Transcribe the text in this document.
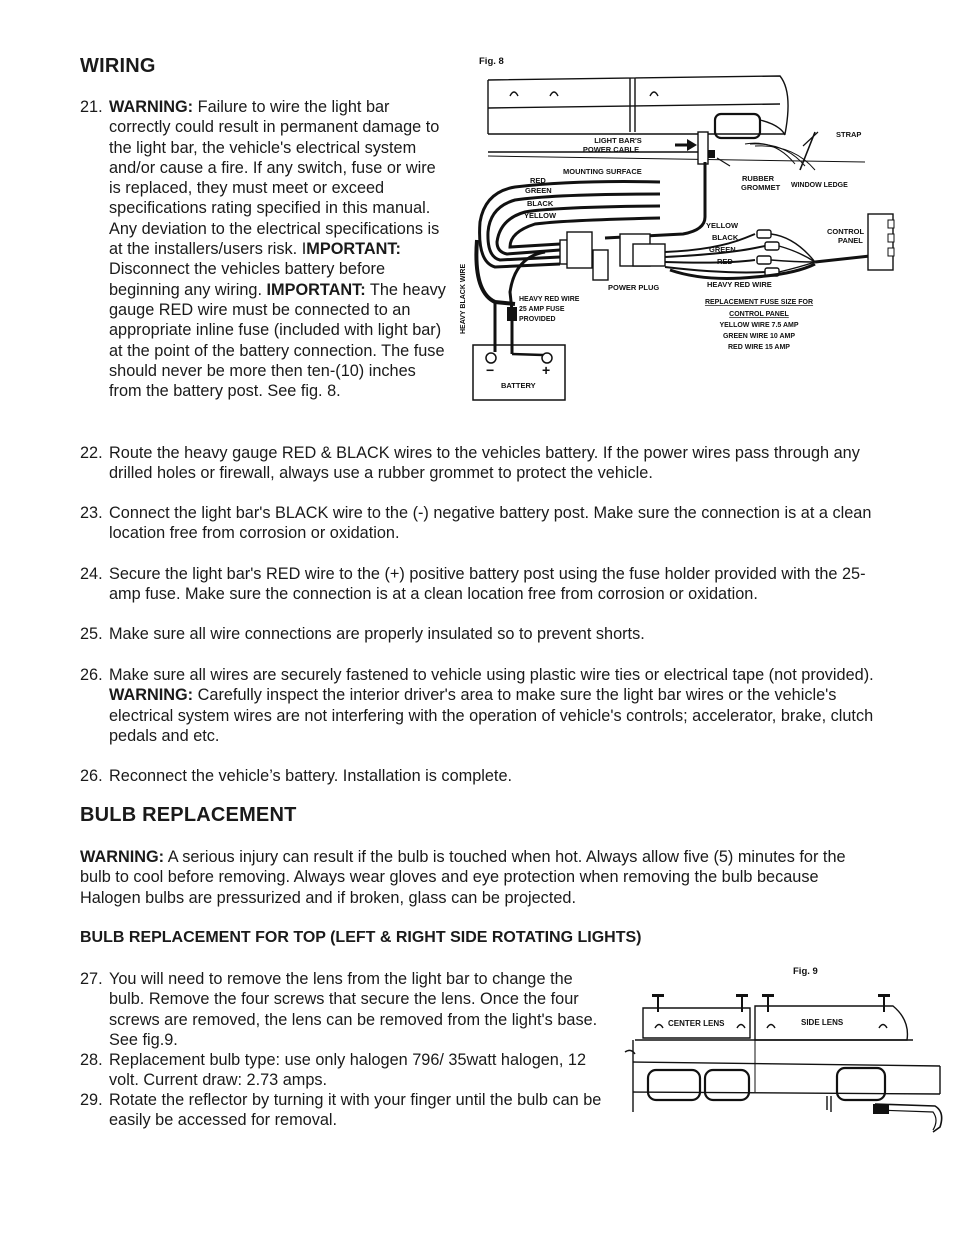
WIRING
21. WARNING: Failure to wire the light bar correctly could result in permanent damage to the light bar, the vehicle's electrical system and/or cause a fire. If any switch, fuse or wire is replaced, they must meet or exceed specifications rating specified in this manual. Any deviation to the electrical specifications is at the installers/users risk. IMPORTANT: Disconnect the vehicles battery before beginning any wiring. IMPORTANT: The heavy gauge RED wire must be connected to an appropriate inline fuse (included with light bar) at the point of the battery connection. The fuse should never be more then ten-(10) inches from the battery post. See fig. 8.
Fig. 8
LIGHT BAR'S
POWER CABLE
STRAP
MOUNTING SURFACE
RUBBER
GROMMET WINDOW LEDGE
RED
GREEN
BLACK
YELLOW
YELLOW
BLACK
GREEN
RED
CONTROL
PANEL
HEAVY BLACK WIRE	HEAVY RED WIRE
25 AMP FUSE
PROVIDED
POWER PLUG	HEAVY RED WIRE
REPLACEMENT FUSE SIZE FOR
CONTROL PANEL
YELLOW WIRE 7.5 AMP
GREEN WIRE 10 AMP
RED WIRE 15 AMP
−	+
BATTERY
22. Route the heavy gauge RED & BLACK wires to the vehicles battery. If the power wires pass through any drilled holes or firewall, always use a rubber grommet to protect the vehicle.
23. Connect the light bar's BLACK wire to the (-) negative battery post. Make sure the connection is at a clean location free from corrosion or oxidation.
24. Secure the light bar's RED wire to the (+) positive battery post using the fuse holder provided with the 25-amp fuse. Make sure the connection is at a clean location free from corrosion or oxidation.
25. Make sure all wire connections are properly insulated so to prevent shorts.
26. Make sure all wires are securely fastened to vehicle using plastic wire ties or electrical tape (not provided). WARNING: Carefully inspect the interior driver's area to make sure the light bar wires or the vehicle's electrical system wires are not interfering with the operation of vehicle's controls; accelerator, brake, clutch pedals and etc.
26. Reconnect the vehicle’s battery. Installation is complete.
BULB REPLACEMENT
WARNING: A serious injury can result if the bulb is touched when hot. Always allow five (5) minutes for the bulb to cool before removing. Always wear gloves and eye protection when removing the bulb because Halogen bulbs are pressurized and if broken, glass can be projected.
BULB REPLACEMENT FOR TOP (LEFT & RIGHT SIDE ROTATING LIGHTS)
27. You will need to remove the lens from the light bar to change the bulb. Remove the four screws that secure the lens. Once the four screws are removed, the lens can be removed from the light's base. See fig.9.
28. Replacement bulb type: use only halogen 796/ 35watt halogen, 12 volt. Current draw: 2.73 amps.
29. Rotate the reflector by turning it with your finger until the bulb can be easily be accessed for removal.
Fig. 9
CENTER LENS	SIDE LENS
